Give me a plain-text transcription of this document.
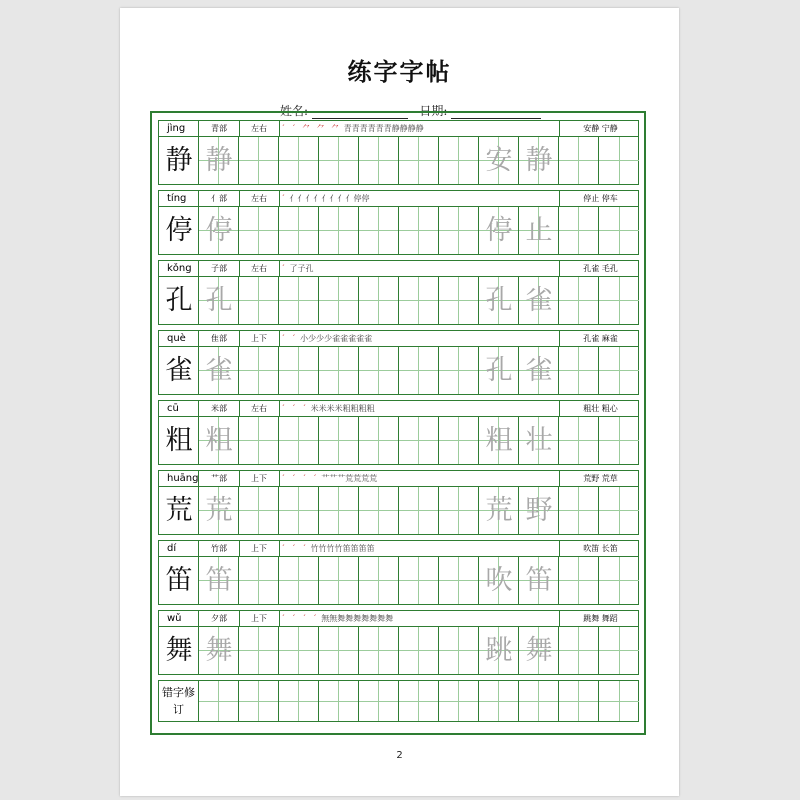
练字字帖
姓名:	日期:
2
jìng	青部	左右	´ ˊ ⺈ ⺈ ⺈ 青青青青青青静静静静	安静 宁静
静 静	安 静
tíng	亻部	左右	ˊ 亻亻亻亻亻亻亻亻停停	停止 停车
停 停	停 止
kǒng	子部	左右	ˊ 了子孔	孔雀 毛孔
孔 孔	孔 雀
què	隹部	上下	ˊ ˊ 小少少少雀雀雀雀雀	孔雀 麻雀
雀 雀	孔 雀
cū	米部	左右	ˊ ˊ ˊ 米米米米粗粗粗粗	粗壮 粗心
粗 粗	粗 壮
huāng	艹部	上下	ˊ ˊ ˊ ˊ 艹艹艹荒荒荒荒	荒野 荒草
荒 荒	荒 野
dí	竹部	上下	ˊ ˊ ˊ 竹竹竹竹笛笛笛笛	吹笛 长笛
笛 笛	吹 笛
wǔ	夕部	上下	ˊ ˊ ˊ ˊ 無無舞舞舞舞舞舞舞	跳舞 舞蹈
舞 舞	跳 舞
错字修订
